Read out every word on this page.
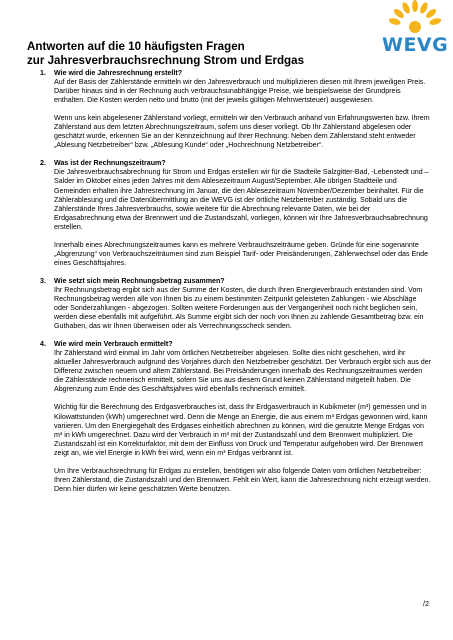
WEVG
Antworten auf die 10 häufigsten Fragen
zur Jahresverbrauchsrechnung Strom und Erdgas
1.	Wie wird die Jahresrechnung erstellt?

Auf der Basis der Zählerstände ermitteln wir den Jahresverbrauch und multiplizieren diesen mit Ihrem jeweiligen Preis. Darüber hinaus sind in der Rechnung auch verbrauchsunabhängige Preise, wie beispielsweise der Grundpreis enthalten. Die Kosten werden netto und brutto (mit der jeweils gültigen Mehrwertsteuer) ausgewiesen.

Wenn uns kein abgelesener Zählerstand vorliegt, ermitteln wir den Verbrauch anhand von Erfahrungswerten bzw. Ihrem Zählerstand aus dem letzten Abrechnungszeitraum, sofern uns dieser vorliegt. Ob Ihr Zählerstand abgelesen oder geschätzt wurde, erkennen Sie an der Kennzeichnung auf Ihrer Rechnung: Neben dem Zählerstand steht entweder „Ablesung Netzbetreiber“ bzw. „Ablesung Kunde“ oder „Hochrechnung Netzbetreiber“.

2.	Was ist der Rechnungszeitraum?

Die Jahresverbrauchsabrechnung für Strom und Erdgas erstellen wir für die Stadteile Salzgitter-Bad, -Lebenstedt und –Salder im Oktober eines jeden Jahres mit dem Ablesezeitraum August/September. Alle übrigen Stadtteile und Gemeinden erhalten ihre Jahresrechnung im Januar, die den Ablesezeitraum November/Dezember beinhaltet. Für die Zählerablesung und die Datenübermittlung an die WEVG ist der örtliche Netzbetreiber zuständig. Sobald uns die Zählerstände Ihres Jahresverbrauchs, sowie weitere für die Abrechnung relevante Daten, wie bei der Erdgasabrechnung etwa der Brennwert und die Zustandszahl, vorliegen, können wir Ihre Jahresverbrauchsabrechnung erstellen.

Innerhalb eines Abrechnungszeitraumes kann es mehrere Verbrauchszeiträume geben. Gründe für eine sogenannte „Abgrenzung“ von Verbrauchszeiträumen sind zum Beispiel Tarif- oder Preisänderungen, Zählerwechsel oder das Ende eines Geschäftsjahres.

3.	Wie setzt sich mein Rechnungsbetrag zusammen?

Ihr Rechnungsbetrag ergibt sich aus der Summe der Kosten, die durch Ihren Energieverbrauch entstanden sind. Vom Rechnungsbetrag werden alle von Ihnen bis zu einem bestimmten Zeitpunkt geleisteten Zahlungen - wie Abschläge oder Sonderzahlungen - abgezogen. Sollten weitere Forderungen aus der Vergangenheit noch nicht beglichen sein, werden diese ebenfalls mit aufgeführt. Als Summe ergibt sich der noch von Ihnen zu zahlende Gesamtbetrag bzw. ein Guthaben, das wir Ihnen überweisen oder als Verrechnungsscheck senden.

4.	Wie wird mein Verbrauch ermittelt?

Ihr Zählerstand wird einmal im Jahr vom örtlichen Netzbetreiber abgelesen. Sollte dies nicht geschehen, wird ihr aktueller Jahresverbrauch aufgrund des Vorjahres durch den Netzbetreiber geschätzt. Der Verbrauch ergibt sich aus der Differenz zwischen neuem und altem Zählerstand. Bei Preisänderungen innerhalb des Rechnungszeitraumes werden die Zählerstände rechnerisch ermittelt, sofern Sie uns aus diesem Grund keinen Zählerstand mitgeteilt haben. Die Abgrenzung zum Ende des Geschäftsjahres wird ebenfalls rechnerisch ermittelt.

Wichtig für die Berechnung des Erdgasverbrauches ist, dass Ihr Erdgasverbrauch in Kubikmeter (m³) gemessen und in Kilowattstunden (kWh) umgerechnet wird. Denn die Menge an Energie, die aus einem m³ Erdgas gewonnen wird, kann variieren. Um den Energiegehalt des Erdgases einheitlich abrechnen zu können, wird die genutzte Menge Erdgas von m³ in kWh umgerechnet. Dazu wird der Verbrauch in m³ mit der Zustandszahl und dem Brennwert multipliziert. Die Zustandszahl ist ein Korrekturfaktor, mit dem der Einfluss von Druck und Temperatur aufgehoben wird. Der Brennwert zeigt an, wie viel Energie in kWh frei wird, wenn ein m³ Erdgas verbrannt ist.

Um Ihre Verbrauchsrechnung für Erdgas zu erstellen, benötigen wir also folgende Daten vom örtlichen Netzbetreiber: Ihren Zählerstand, die Zustandszahl und den Brennwert. Fehlt ein Wert, kann die Jahresrechnung nicht erzeugt werden. Denn hier dürfen wir keine geschätzten Werte benutzen.

/2
